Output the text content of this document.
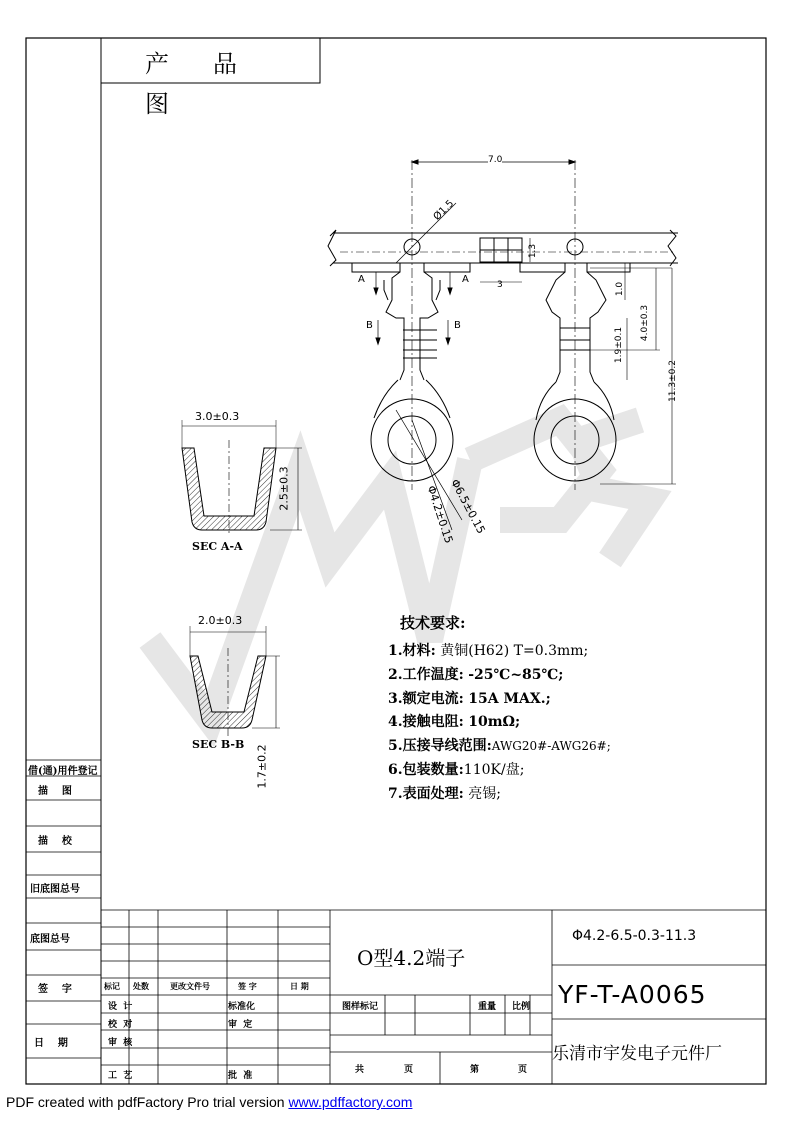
产 品
图
7.0
Ø1.5
1.3
3	1.0
4.0±0.3
1.9±0.1
11.3±0.2
Φ6.5±0.15
Φ4.2±0.15
A	A
B	B
3.0±0.3
2.5±0.3
SEC A-A
2.0±0.3
SEC B-B 1.7±0.2
技术要求:
1.材料: 黄铜(H62) T=0.3mm;
2.工作温度: -25℃~85℃;
3.额定电流: 15A MAX.;
4.接触电阻: 10mΩ;
5.压接导线范围:AWG20#-AWG26#;
6.包装数量:110K/盘;
7.表面处理: 亮锡;
借(通)用件登记
描    图
描    校
旧底图总号
底图总号
签    字
日    期
标记 处数	更改文件号	签 字	日 期
设  计	标准化
校  对	审  定
审  核
工  艺	批  准
图样标记	重量 比例
共	页	第	页
O型4.2端子
Φ4.2-6.5-0.3-11.3
YF-T-A0065
乐清市宇发电子元件厂
PDF created with pdfFactory Pro trial version www.pdffactory.com
